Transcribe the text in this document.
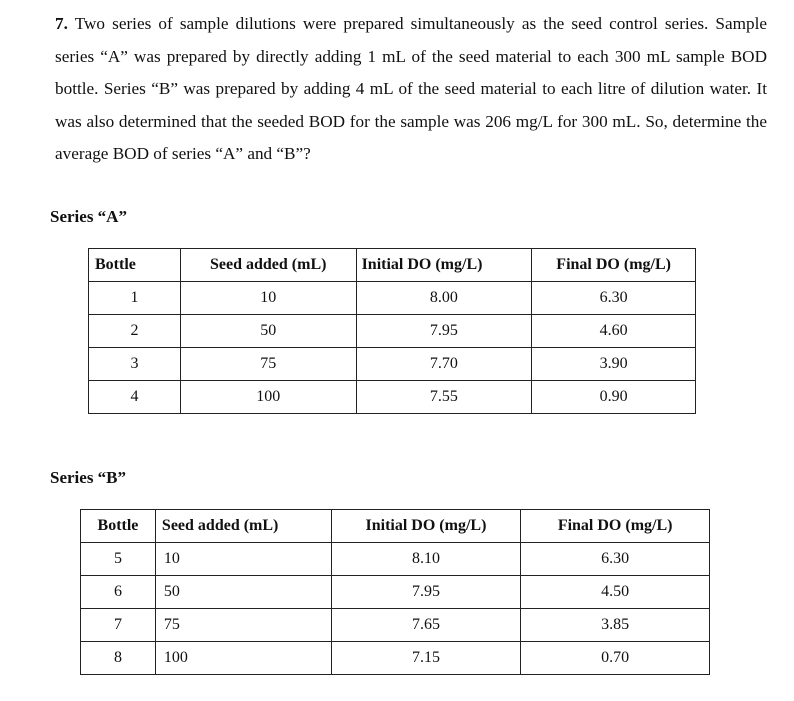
7. Two series of sample dilutions were prepared simultaneously as the seed control series. Sample series “A” was prepared by directly adding 1 mL of the seed material to each 300 mL sample BOD bottle. Series “B” was prepared by adding 4 mL of the seed material to each litre of dilution water. It was also determined that the seeded BOD for the sample was 206 mg/L for 300 mL. So, determine the average BOD of series “A” and “B”?
Series “A”
Bottle	Seed added (mL)	Initial DO (mg/L)	Final DO (mg/L)
1	10	8.00	6.30
2	50	7.95	4.60
3	75	7.70	3.90
4	100	7.55	0.90
Series “B”
Bottle	Seed added (mL)	Initial DO (mg/L)	Final DO (mg/L)
5	10	8.10	6.30
6	50	7.95	4.50
7	75	7.65	3.85
8	100	7.15	0.70
